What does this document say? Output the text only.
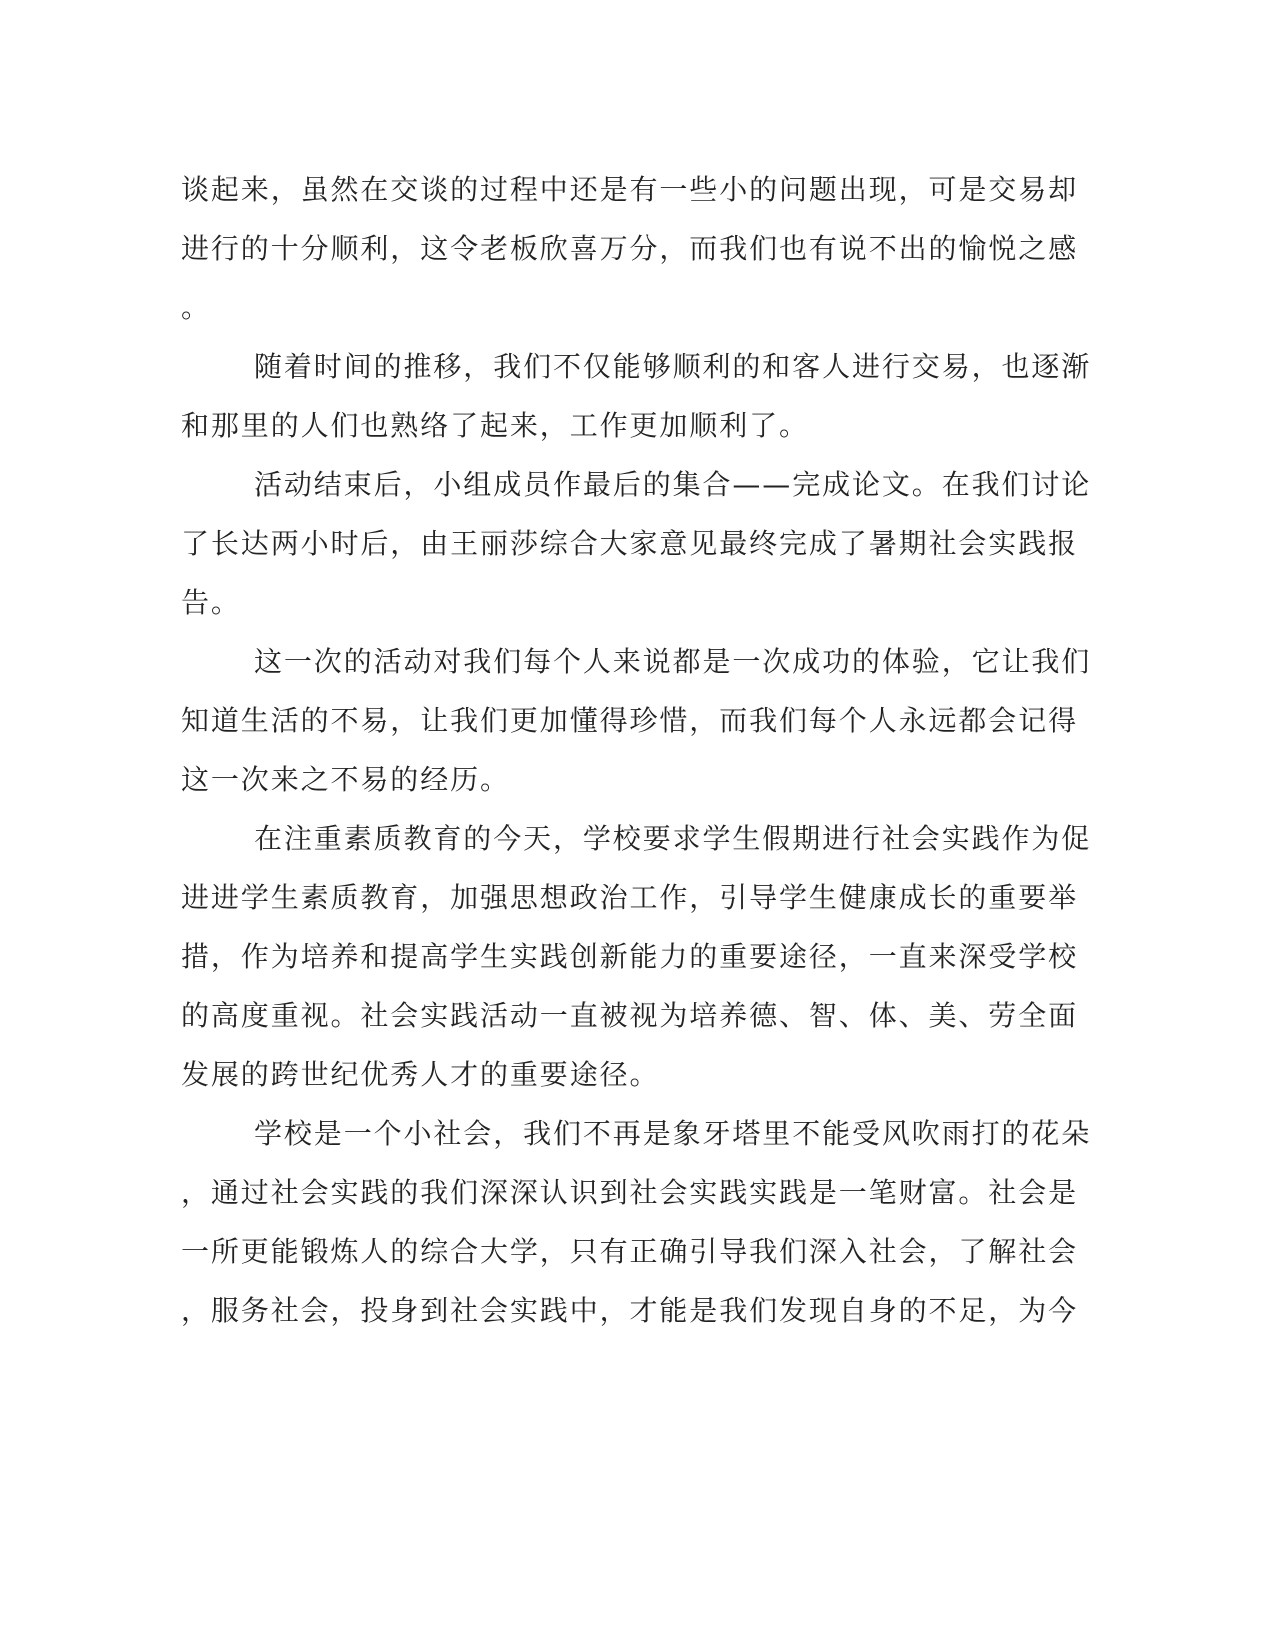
谈起来，虽然在交谈的过程中还是有一些小的问题出现，可是交易却
进行的十分顺利，这令老板欣喜万分，而我们也有说不出的愉悦之感
。
随着时间的推移，我们不仅能够顺利的和客人进行交易，也逐渐
和那里的人们也熟络了起来，工作更加顺利了。
活动结束后，小组成员作最后的集合——完成论文。在我们讨论
了长达两小时后，由王丽莎综合大家意见最终完成了暑期社会实践报
告。
这一次的活动对我们每个人来说都是一次成功的体验，它让我们
知道生活的不易，让我们更加懂得珍惜，而我们每个人永远都会记得
这一次来之不易的经历。
在注重素质教育的今天，学校要求学生假期进行社会实践作为促
进进学生素质教育，加强思想政治工作，引导学生健康成长的重要举
措，作为培养和提高学生实践创新能力的重要途径，一直来深受学校
的高度重视。社会实践活动一直被视为培养德、智、体、美、劳全面
发展的跨世纪优秀人才的重要途径。
学校是一个小社会，我们不再是象牙塔里不能受风吹雨打的花朵
，通过社会实践的我们深深认识到社会实践实践是一笔财富。社会是
一所更能锻炼人的综合大学，只有正确引导我们深入社会，了解社会
，服务社会，投身到社会实践中，才能是我们发现自身的不足，为今
